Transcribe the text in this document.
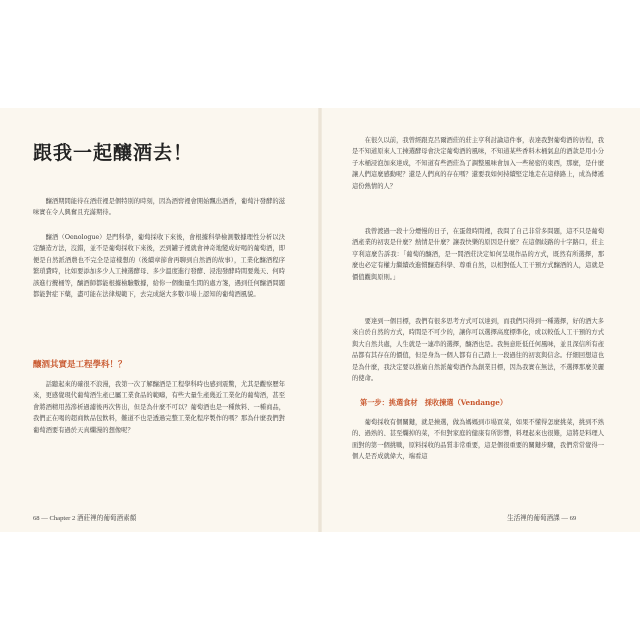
跟我一起釀酒去！

釀酒期間能待在酒莊裡是個特別的時刻，因為酒窖裡會開始飄出酒香，葡萄汁發酵的滋味實在令人興奮且充滿期待。

釀酒（Oenologue）是門科學，葡萄採收下來後，會根據科學檢測數據理性分析以決定釀造方法，沒錯，並不是葡萄採收下來後，丟到罐子裡就會神奇地變成好喝的葡萄酒，即便是自然派酒農也不完全是這樣想的（後續章節會再聊到自然酒的故事），工業化釀酒程序繁瑣費時，比如要添加多少人工揀選酵母、多少溫度進行發酵、浸泡發酵時間要幾天、何時該進行攪桶等，釀酒師都能根據檢驗數據，給你一個衡量生間的處方箋，遇到任何釀酒問題都能對症下藥，盡可能在法律規範下，去完成絕大多數市場上認知的葡萄酒風貌。

釀酒其實是工程學科！？

話聽起來的確很不浪漫，我第一次了解釀酒是工程學科時也感到震驚，尤其是觀察歷年來，更感覺現代葡萄酒生產已屬工業食品的範疇，有些大量生產幾近工業化的葡萄酒，甚至會將酒精用蒸滲析過濾後再次售出，但是為什麼不可以？葡萄酒也是一種飲料、一種商品，我們正在喝的超商飲品包飲料，難道不也是透過完整工業化程序製作的嗎？那為什麼我們對葡萄酒要有過於天真爛漫的想像呢？

68 — Chapter 2 酒莊裡的葡萄酒素顏

在很久以前，我曾經跟克呂爾酒莊的莊主亨利討論這件事，表達我對葡萄酒的彷徨，我是不知道原來人工揀選酵母會決定葡萄酒的風味，不知道某些香料木桶氣息的酒款是用小分子木桶浸泡加來達成，不知道有些酒莊為了調整風味會加入一些秘密的東西，那麼，是什麼讓人們這麼感動呢？還是人們真的存在嗎？還要我如何持續堅定地走在這條路上，成為傳遞這份熱情的人？

我曾渡過一段十分煙慢的日子，在蛋殼時間裡，我問了自己非常多問題，這不只是葡萄酒產業的初衷是什麼？熱情是什麼？讓我快樂的原因是什麼？在這個歧路的十字路口，莊主亨利這麼告訴我：「葡萄的釀酒，是一間酒莊決定如何呈現作品的方式，既然有所選擇，那麼也必定有權力繼續改進慣釀造科學、尊重自然，以相對低人工干預方式釀酒的人，這就是價值觀與原則。」

要達到一個目標，我們有很多思考方式可以達到，而我們只得到一種選擇，好的酒大多來自於自然的方式，時間是不可少的，讓你可以選擇高度標準化，或以較低人工干預的方式與大自然共處，人生就是一連串的選擇，釀酒也是。我無意貶低任何風味，並且深信所有產品都有其存在的價值，但是身為一個人都有自己踏上一段過往的初衷與信念。仔細回想這也是為什麼，我決定要以推廣自然派葡萄酒作為創業目標，因為我實在無法，不選擇那麼美麗的使命。

第一步：挑選食材　採收揀選（Vendange）

葡萄採收有個關鍵，就是揀選，做為媽媽到市場買菜，如果不懂得怎麼挑菜，挑到不熟的、過熟的、甚至爛掉的菜，不但對家庭的健康有所影響，料理起來也很難，這將是料理人面對的第一個挑戰，原料採收的品質非常重要，這是個很重要的關鍵步驟，我們常常覺得一個人是否成就偉大，端看這

生活裡的葡萄酒課 — 69
